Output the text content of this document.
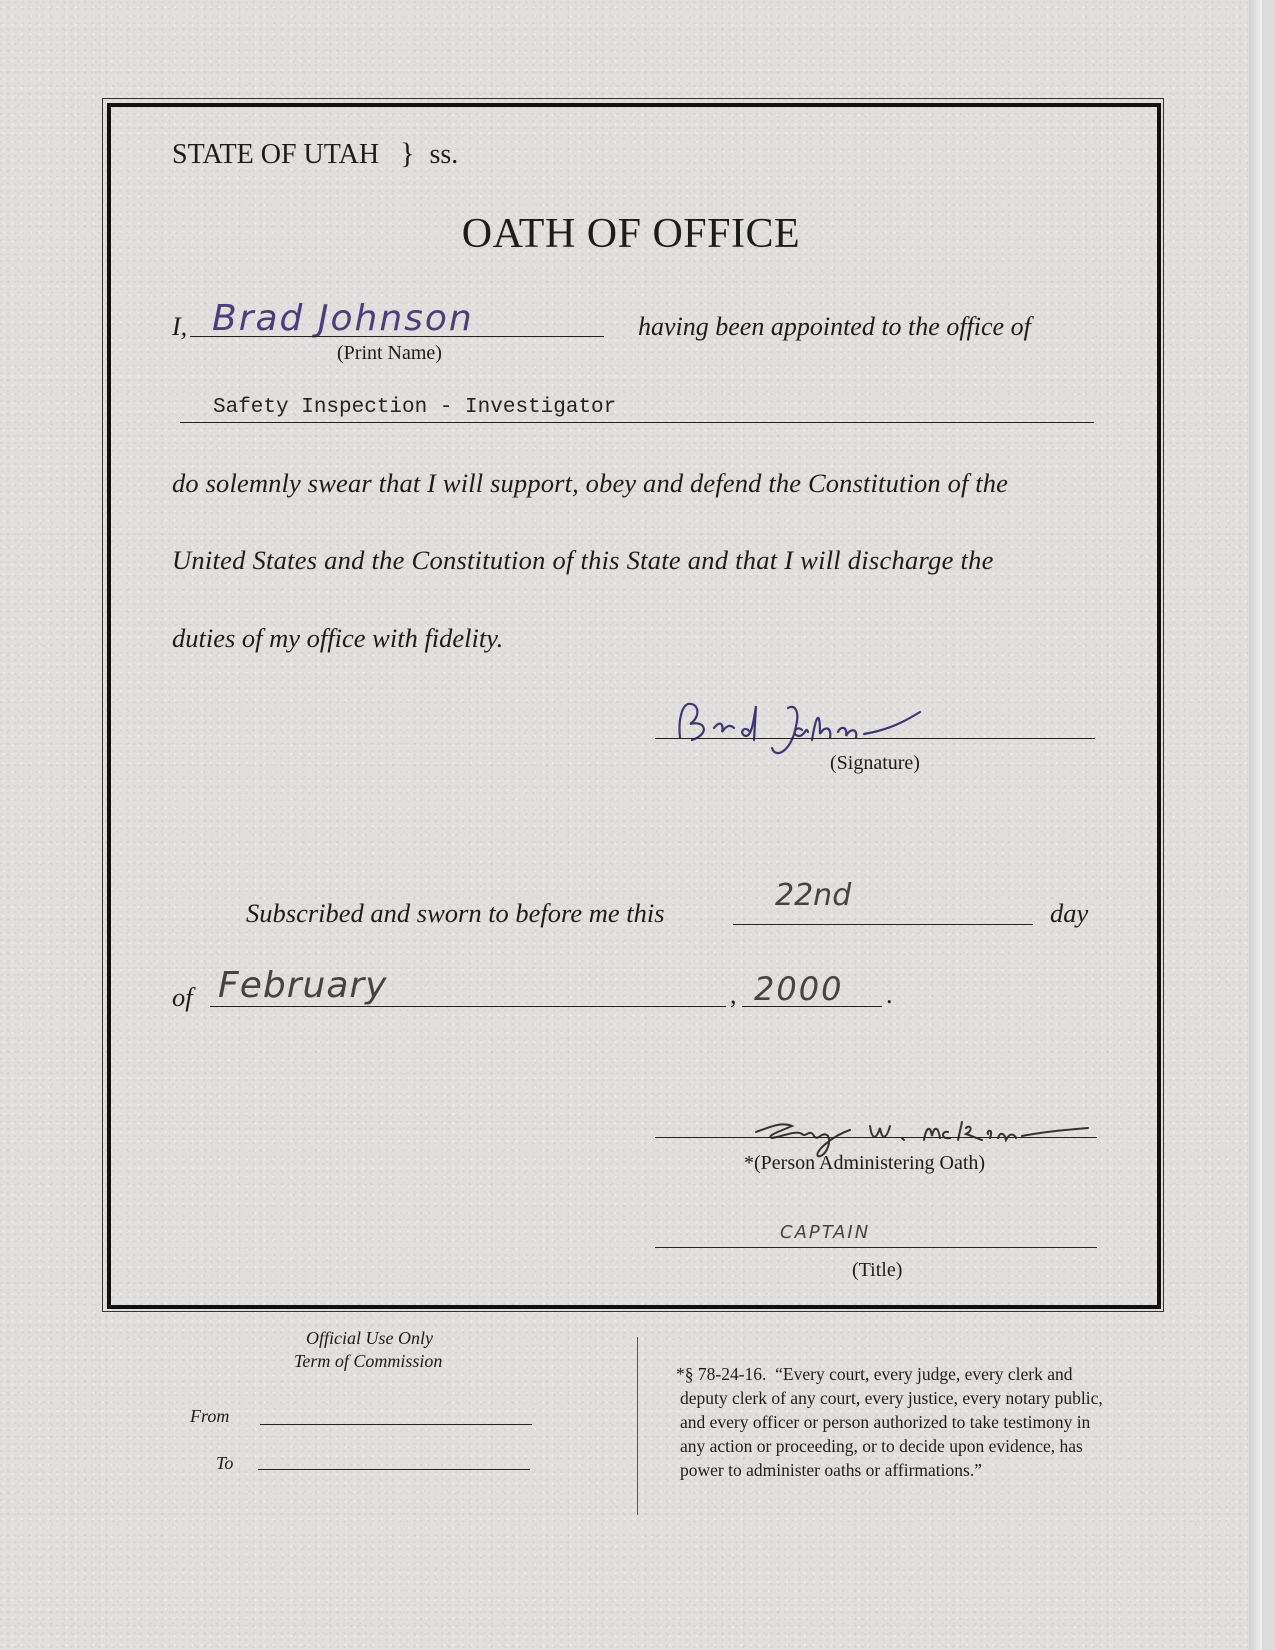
STATE OF UTAH } ss.
OATH OF OFFICE
I, Brad Johnson
(Print Name)
having been appointed to the office of
Safety Inspection - Investigator
do solemnly swear that I will support, obey and defend the Constitution of the
United States and the Constitution of this State and that I will discharge the
duties of my office with fidelity.
Brad Johnson
(Signature)
Subscribed and sworn to before me this	22nd	day
of February	, 2000 .
Jerry W. McKerine
*(Person Administering Oath)
CAPTAIN
(Title)
Official Use Only
Term of Commission
From
To
*§ 78-24-16.  “Every court, every judge, every clerk and
deputy clerk of any court, every justice, every notary public,
and every officer or person authorized to take testimony in
any action or proceeding, or to decide upon evidence, has
power to administer oaths or affirmations.”
